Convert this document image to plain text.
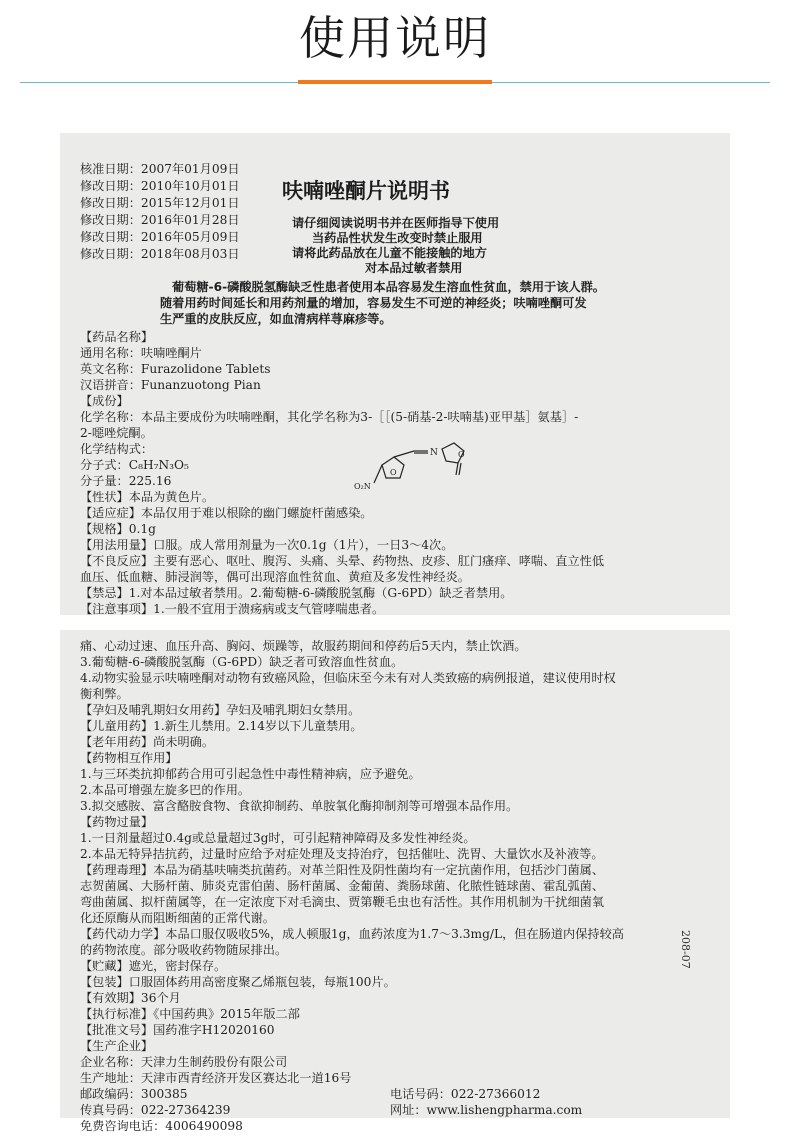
使用说明
核准日期：2007年01月09日
修改日期：2010年10月01日
修改日期：2015年12月01日
修改日期：2016年01月28日
修改日期：2016年05月09日
修改日期：2018年08月03日
呋喃唑酮片说明书
请仔细阅读说明书并在医师指导下使用
当药品性状发生改变时禁止服用
请将此药品放在儿童不能接触的地方
对本品过敏者禁用
葡萄糖-6-磷酸脱氢酶缺乏性患者使用本品容易发生溶血性贫血，禁用于该人群。
随着用药时间延长和用药剂量的增加，容易发生不可逆的神经炎；呋喃唑酮可发
生严重的皮肤反应，如血清病样荨麻疹等。
【药品名称】
通用名称：呋喃唑酮片
英文名称：Furazolidone Tablets
汉语拼音：Funanzuotong Pian
【成份】
化学名称：本品主要成份为呋喃唑酮，其化学名称为3-［［(5-硝基-2-呋喃基)亚甲基］氨基］-
2-噁唑烷酮。
化学结构式：
分子式：C₈H₇N₃O₅
分子量：225.16
【性状】本品为黄色片。
【适应症】本品仅用于难以根除的幽门螺旋杆菌感染。
【规格】0.1g
【用法用量】口服。成人常用剂量为一次0.1g（1片），一日3～4次。
【不良反应】主要有恶心、呕吐、腹泻、头痛、头晕、药物热、皮疹、肛门瘙痒、哮喘、直立性低
血压、低血糖、肺浸润等，偶可出现溶血性贫血、黄疸及多发性神经炎。
【禁忌】1.对本品过敏者禁用。2.葡萄糖-6-磷酸脱氢酶（G-6PD）缺乏者禁用。
【注意事项】1.一般不宜用于溃疡病或支气管哮喘患者。
N	O
O
O₂N
痛、心动过速、血压升高、胸闷、烦躁等，故服药期间和停药后5天内，禁止饮酒。
3.葡萄糖-6-磷酸脱氢酶（G-6PD）缺乏者可致溶血性贫血。
4.动物实验显示呋喃唑酮对动物有致癌风险，但临床至今未有对人类致癌的病例报道，建议使用时权
衡利弊。
【孕妇及哺乳期妇女用药】孕妇及哺乳期妇女禁用。
【儿童用药】1.新生儿禁用。2.14岁以下儿童禁用。
【老年用药】尚未明确。
【药物相互作用】
1.与三环类抗抑郁药合用可引起急性中毒性精神病，应予避免。
2.本品可增强左旋多巴的作用。
3.拟交感胺、富含酪胺食物、食欲抑制药、单胺氧化酶抑制剂等可增强本品作用。
【药物过量】
1.一日剂量超过0.4g或总量超过3g时，可引起精神障碍及多发性神经炎。
2.本品无特异拮抗药，过量时应给予对症处理及支持治疗，包括催吐、洗胃、大量饮水及补液等。
【药理毒理】本品为硝基呋喃类抗菌药。对革兰阳性及阴性菌均有一定抗菌作用，包括沙门菌属、
志贺菌属、大肠杆菌、肺炎克雷伯菌、肠杆菌属、金葡菌、粪肠球菌、化脓性链球菌、霍乱弧菌、
弯曲菌属、拟杆菌属等，在一定浓度下对毛滴虫、贾第鞭毛虫也有活性。其作用机制为干扰细菌氧
化还原酶从而阻断细菌的正常代谢。
【药代动力学】本品口服仅吸收5%，成人顿服1g，血药浓度为1.7～3.3mg/L，但在肠道内保持较高
的药物浓度。部分吸收药物随尿排出。
【贮藏】遮光，密封保存。
【包装】口服固体药用高密度聚乙烯瓶包装，每瓶100片。
【有效期】36个月
【执行标准】《中国药典》2015年版二部
【批准文号】国药准字H12020160
【生产企业】
企业名称：天津力生制药股份有限公司
生产地址：天津市西青经济开发区赛达北一道16号
邮政编码：300385	电话号码：022-27366012
传真号码：022-27364239	网址：www.lishengpharma.com
免费咨询电话：4006490098
208-07
